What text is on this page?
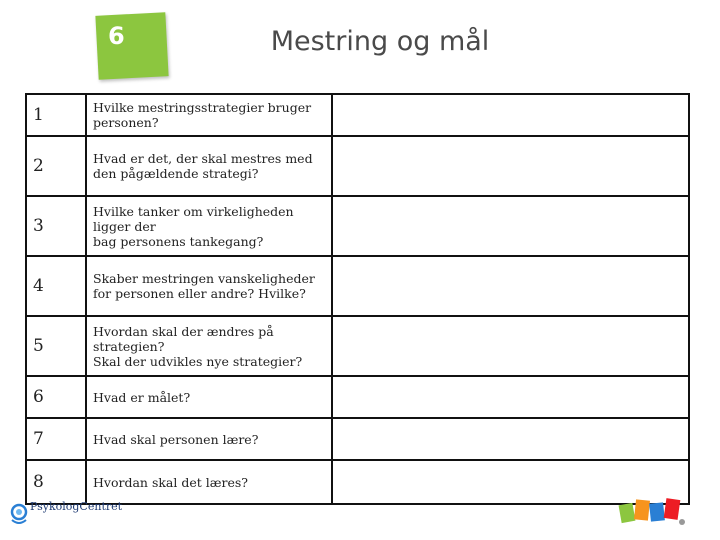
6	Mestring og mål
1	Hvilke mestringsstrategier bruger personen?	
2	Hvad er det, der skal mestres med den pågældende strategi?	
3	Hvilke tanker om virkeligheden ligger der
bag personens tankegang?	
4	Skaber mestringen vanskeligheder for personen eller andre? Hvilke?	
5	Hvordan skal der ændres på strategien?
Skal der udvikles nye strategier?	
6	Hvad er målet?	
7	Hvad skal personen lære?	
8	Hvordan skal det læres?	
PsykologCentret
